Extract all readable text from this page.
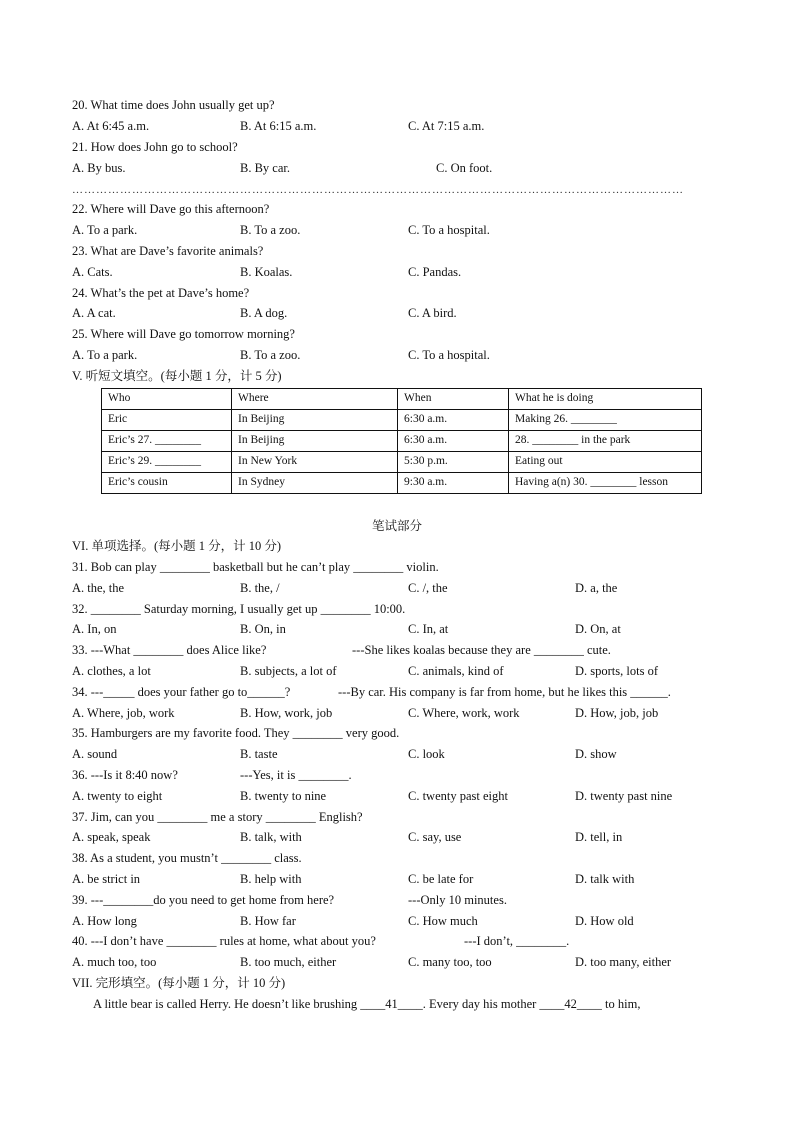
20. What time does John usually get up?
A. At 6:45 a.m.	B. At 6:15 a.m.	C. At 7:15 a.m.
21. How does John go to school?
A. By bus.	B. By car.	C. On foot.
………………………………………………………………………………………………………………………………………
22. Where will Dave go this afternoon?
A. To a park.	B. To a zoo.	C. To a hospital.
23. What are Dave’s favorite animals?
A. Cats.	B. Koalas.	C. Pandas.
24. What’s the pet at Dave’s home?
A. A cat.	B. A dog.	C. A bird.
25. Where will Dave go tomorrow morning?
A. To a park.	B. To a zoo.	C. To a hospital.
V. 听短文填空。(每小题 1 分，计 5 分)
Who	Where	When	What he is doing
Eric	In Beijing	6:30 a.m.	Making 26. ________
Eric’s 27. ________	In Beijing	6:30 a.m.	28. ________ in the park
Eric’s 29. ________	In New York	5:30 p.m.	Eating out
Eric’s cousin	In Sydney	9:30 a.m.	Having a(n) 30. ________ lesson
笔试部分
VI. 单项选择。(每小题 1 分，计 10 分)
31. Bob can play ________ basketball but he can’t play ________ violin.
A. the, the	B. the, /	C. /, the	D. a, the
32. ________ Saturday morning, I usually get up ________ 10:00.
A. In, on	B. On, in	C. In, at	D. On, at
33. ---What ________ does Alice like?	---She likes koalas because they are ________ cute.
A. clothes, a lot	B. subjects, a lot of	C. animals, kind of	D. sports, lots of
34. ---_____ does your father go to______?	---By car. His company is far from home, but he likes this ______.
A. Where, job, work	B. How, work, job	C. Where, work, work	D. How, job, job
35. Hamburgers are my favorite food. They ________ very good.
A. sound	B. taste	C. look	D. show
36. ---Is it 8:40 now?	---Yes, it is ________.
A. twenty to eight	B. twenty to nine	C. twenty past eight	D. twenty past nine
37. Jim, can you ________ me a story ________ English?
A. speak, speak	B. talk, with	C. say, use	D. tell, in
38. As a student, you mustn’t ________ class.
A. be strict in	B. help with	C. be late for	D. talk with
39. ---________do you need to get home from here?	---Only 10 minutes.
A. How long	B. How far	C. How much	D. How old
40. ---I don’t have ________ rules at home, what about you?	---I don’t, ________.
A. much too, too	B. too much, either	C. many too, too	D. too many, either
VII. 完形填空。(每小题 1 分，计 10 分)
A little bear is called Herry. He doesn’t like brushing ____41____. Every day his mother ____42____ to him,
